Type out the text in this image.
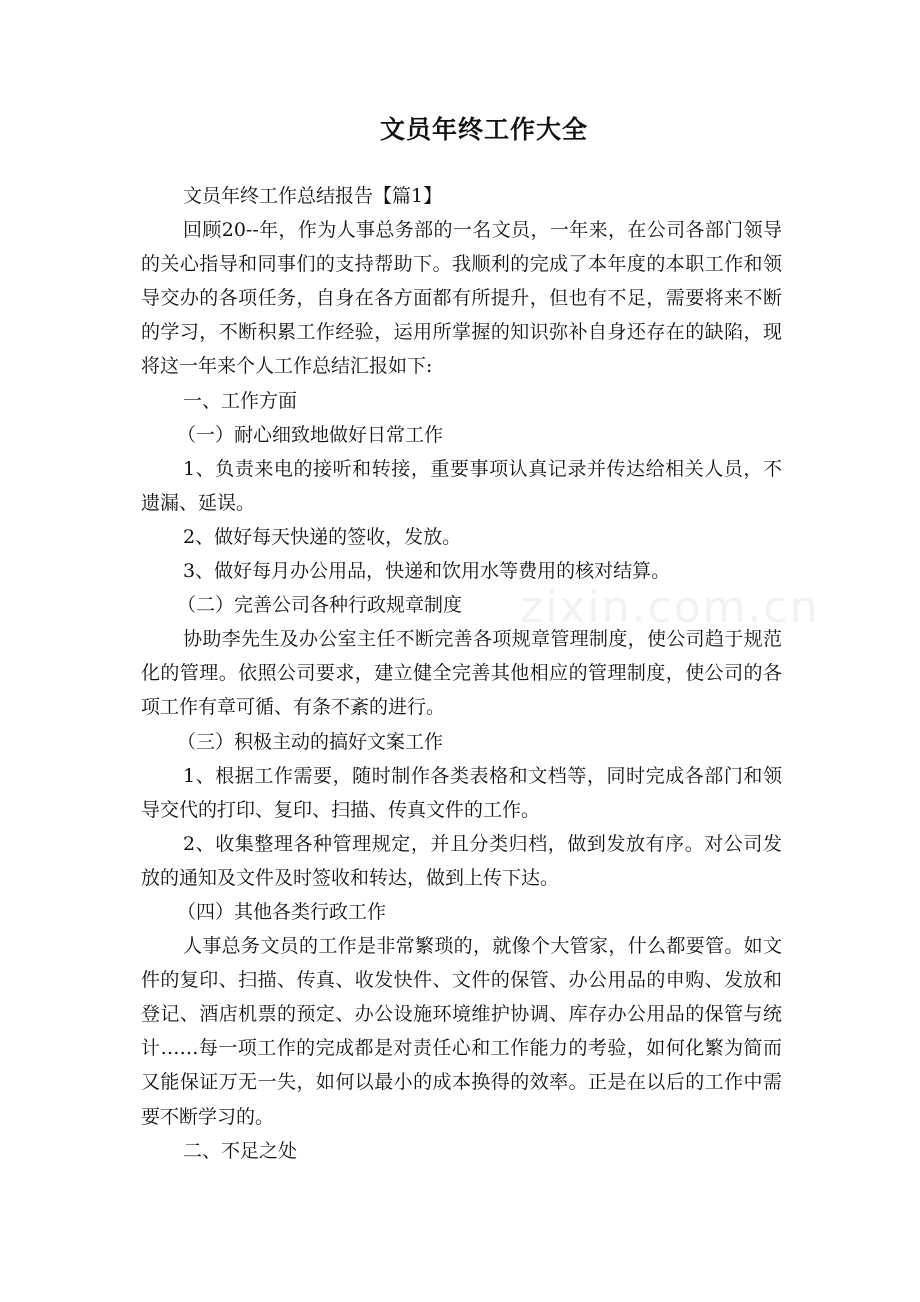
zixin.com.cn
文员年终工作大全

文员年终工作总结报告【篇1】

回顾20--年，作为人事总务部的一名文员，一年来，在公司各部门领导的关心指导和同事们的支持帮助下。我顺利的完成了本年度的本职工作和领导交办的各项任务，自身在各方面都有所提升，但也有不足，需要将来不断的学习，不断积累工作经验，运用所掌握的知识弥补自身还存在的缺陷，现将这一年来个人工作总结汇报如下:

一、工作方面

（一）耐心细致地做好日常工作

1、负责来电的接听和转接，重要事项认真记录并传达给相关人员，不遗漏、延误。

2、做好每天快递的签收，发放。

3、做好每月办公用品，快递和饮用水等费用的核对结算。

（二）完善公司各种行政规章制度

协助李先生及办公室主任不断完善各项规章管理制度，使公司趋于规范化的管理。依照公司要求，建立健全完善其他相应的管理制度，使公司的各项工作有章可循、有条不紊的进行。

（三）积极主动的搞好文案工作

1、根据工作需要，随时制作各类表格和文档等，同时完成各部门和领导交代的打印、复印、扫描、传真文件的工作。

2、收集整理各种管理规定，并且分类归档，做到发放有序。对公司发放的通知及文件及时签收和转达，做到上传下达。

（四）其他各类行政工作

人事总务文员的工作是非常繁琐的，就像个大管家，什么都要管。如文件的复印、扫描、传真、收发快件、文件的保管、办公用品的申购、发放和登记、酒店机票的预定、办公设施环境维护协调、库存办公用品的保管与统计……每一项工作的完成都是对责任心和工作能力的考验，如何化繁为简而又能保证万无一失，如何以最小的成本换得的效率。正是在以后的工作中需要不断学习的。

二、不足之处
